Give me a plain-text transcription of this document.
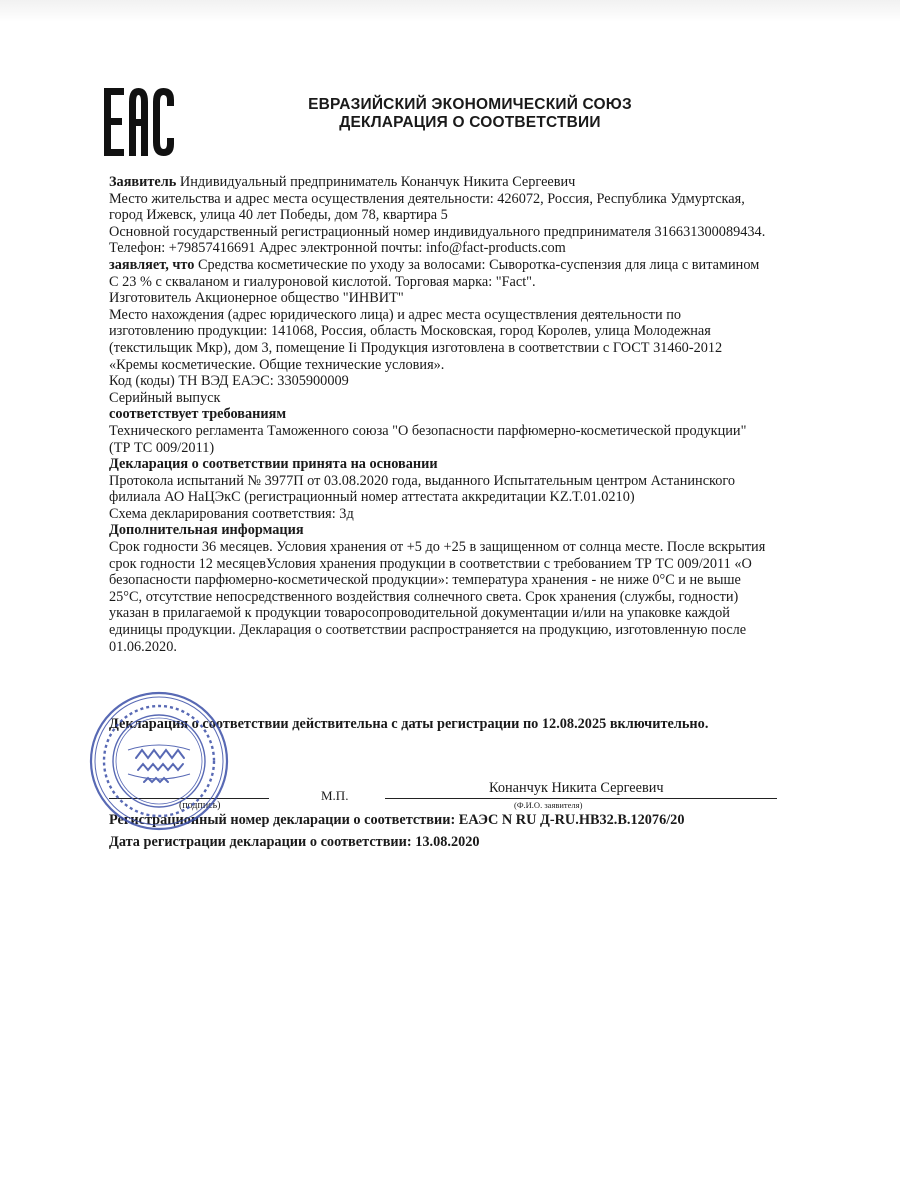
ЕВРАЗИЙСКИЙ ЭКОНОМИЧЕСКИЙ СОЮЗ
ДЕКЛАРАЦИЯ О СООТВЕТСТВИИ

Заявитель Индивидуальный предприниматель Конанчук Никита Сергеевич

Место жительства и адрес места осуществления деятельности: 426072, Россия, Республика Удмуртская, город Ижевск, улица 40 лет Победы, дом 78, квартира 5

Основной государственный регистрационный номер индивидуального предпринимателя 316631300089434.

Телефон: +79857416691 Адрес электронной почты: info@fact-products.com

заявляет, что Средства косметические по уходу за волосами: Сыворотка-суспензия для лица с витамином С 23 % с скваланом и гиалуроновой кислотой. Торговая марка: "Fact".

Изготовитель Акционерное общество "ИНВИТ"

Место нахождения (адрес юридического лица) и адрес места осуществления деятельности по изготовлению продукции: 141068, Россия, область Московская, город Королев, улица Молодежная (текстильщик Мкр), дом 3, помещение Ii Продукция изготовлена в соответствии с ГОСТ 31460-2012 «Кремы косметические. Общие технические условия».

Код (коды) ТН ВЭД ЕАЭС: 3305900009

Серийный выпуск

соответствует требованиям

Технического регламента Таможенного союза "О безопасности парфюмерно-косметической продукции" (ТР ТС 009/2011)

Декларация о соответствии принята на основании

Протокола испытаний № 3977П от 03.08.2020 года, выданного Испытательным центром Астанинского филиала АО НаЦЭкС (регистрационный номер аттестата аккредитации KZ.T.01.0210)

Схема декларирования соответствия: 3д

Дополнительная информация

Срок годности 36 месяцев. Условия хранения от +5 до +25 в защищенном от солнца месте. После вскрытия срок годности 12 месяцевУсловия хранения продукции в соответствии с требованием ТР ТС 009/2011 «О безопасности парфюмерно-косметической продукции»: температура хранения - не ниже 0°С и не выше 25°С, отсутствие непосредственного воздействия солнечного света. Срок хранения (службы, годности) указан в прилагаемой к продукции товаросопроводительной документации и/или на упаковке каждой единицы продукции. Декларация о соответствии распространяется на продукцию, изготовленную после 01.06.2020.

Декларация о соответствии действительна с даты регистрации по 12.08.2025 включительно.
(подпись)
М.П.	Конанчук Никита Сергеевич
(Ф.И.О. заявителя)
Регистрационный номер декларации о соответствии: ЕАЭС N RU Д-RU.НВ32.В.12076/20
Дата регистрации декларации о соответствии: 13.08.2020
